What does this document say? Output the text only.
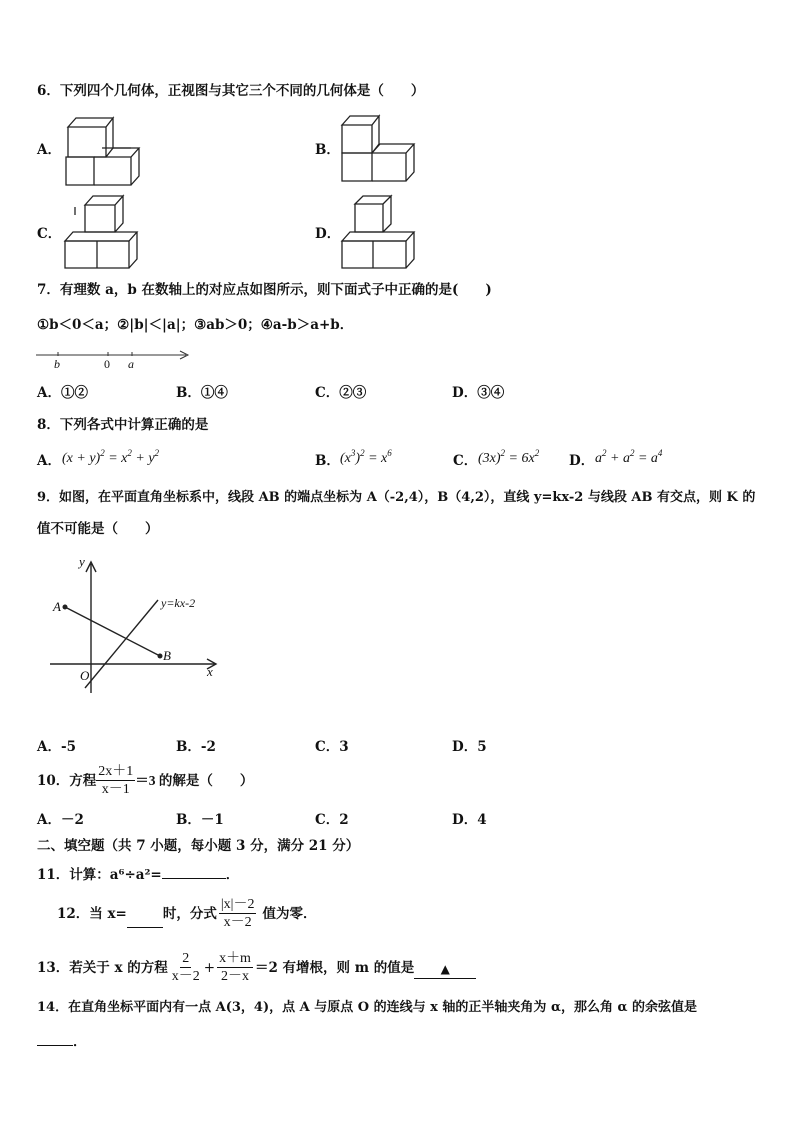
6．下列四个几何体，正视图与其它三个不同的几何体是（　　）
A．	B．
C．	D．
7．有理数 a，b 在数轴上的对应点如图所示，则下面式子中正确的是(　　)
①b＜0＜a；②|b|＜|a|；③ab＞0；④a-b＞a+b．
b	0 a
A．①②	B．①④	C．②③	D．③④
8．下列各式中计算正确的是
A． $(x + y)^2 = x^2 + y^2$	B． $(x^3)^2 = x^6$	C． $(3x)^2 = 6x^2$ D． $a^2 + a^2 = a^4$
9．如图，在平面直角坐标系中，线段 AB 的端点坐标为 A（-2,4），B（4,2），直线 y=kx-2 与线段 AB 有交点，则 K 的
值不可能是（　　）
y
x
O
A
B
y=kx-2
A．-5	B．-2	C．3	D．5
10．方程 $\frac{2x+1}{x-1} =3$ 的解是（　　）
A．－2	B．－1	C．2	D．4
二、填空题（共 7 小题，每小题 3 分，满分 21 分）
11．计算：a⁶÷a²=	．
12．当 x=	时，分式 $\frac{|x|-2}{x-2}$ 值为零．
13．若关于 x 的方程 $\frac{2}{x-2} + \frac{x+m}{2-x} =2$ 有增根，则 m 的值是	▲
14．在直角坐标平面内有一点 A(3，4)，点 A 与原点 O 的连线与 x 轴的正半轴夹角为 α，那么角 α 的余弦值是
．
